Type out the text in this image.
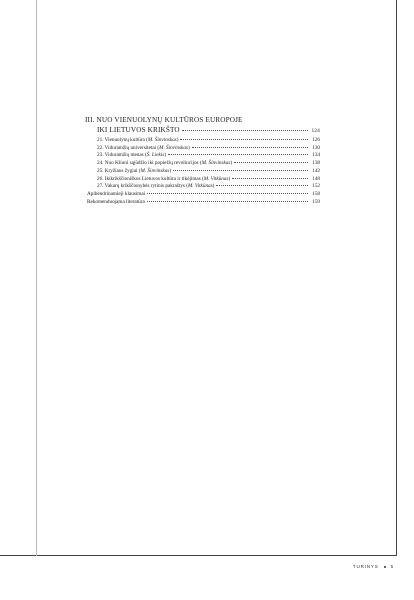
III. NUO VIENUOLYNŲ KULTŪROS EUROPOJE
IKI LIETUVOS KRIKŠTO	124
21. Vienuolynų kultūra (M. Šinvinskas)	126
22. Viduramžių universitetai (M. Šinvinskas)	130
23. Viduramžių menas (Š. Liekis)	134
24. Nuo Kliuni sąjūdžio iki popiežių revoliucijos (M. Šinvinskas)	138
25. Kryžiaus žygiai (M. Šinvinskas)	142
26. Ikikrikščioniškos Lietuvos kultūra ir tikėjimas (M. Vitkūnas)	148
27. Vakarų krikščionybės rytinis pakraštys (M. Vitkūnas)	152
Apibendrinamieji klausimai	158
Rekomenduojama literatūra	159
TURINYS	5
